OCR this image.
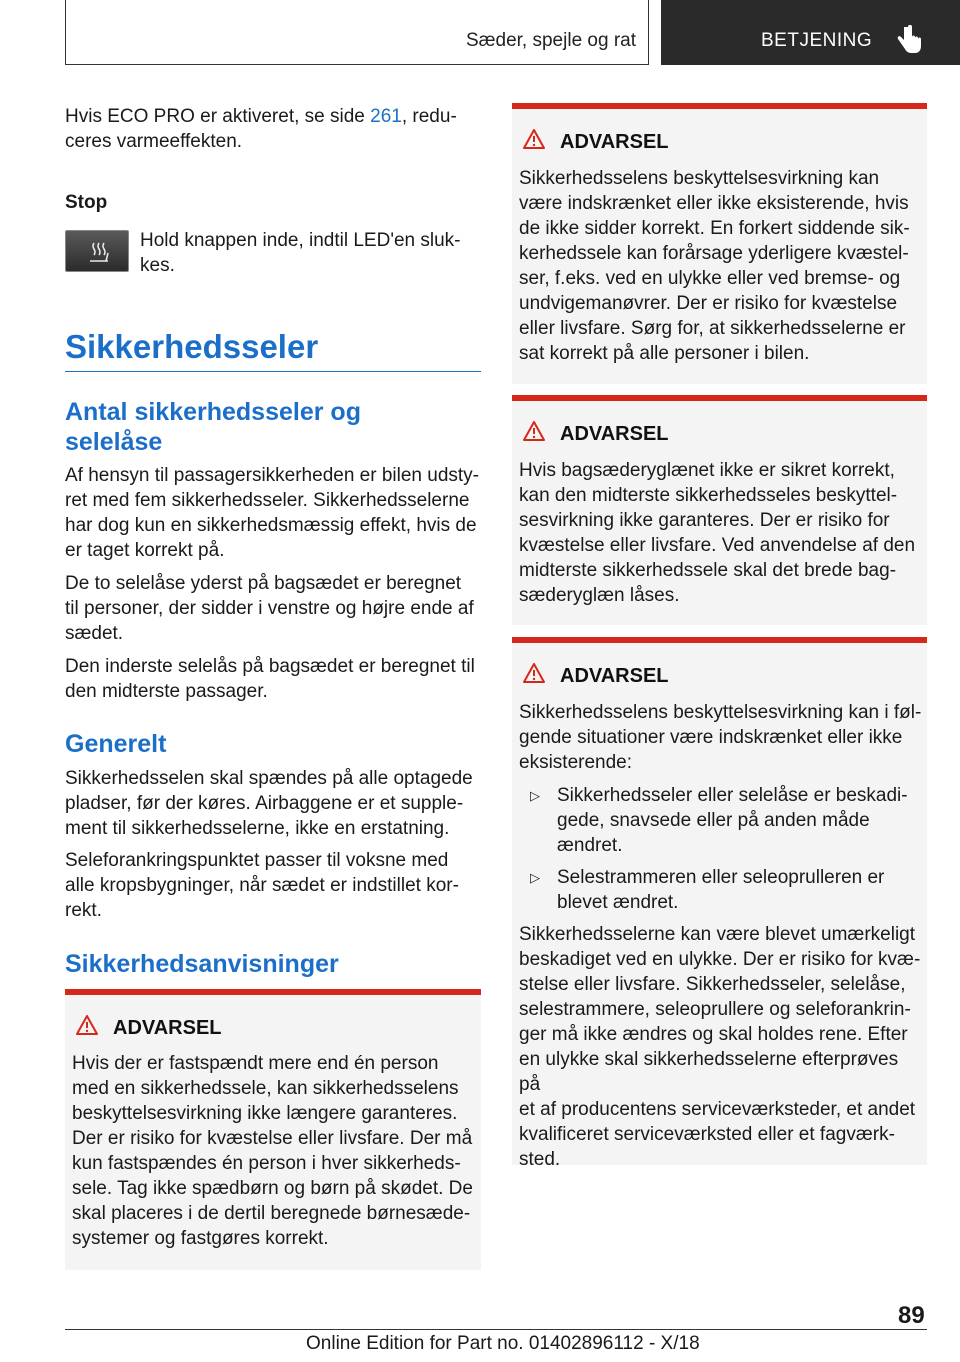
Sæder, spejle og rat	BETJENING
Hvis ECO PRO er aktiveret, se side 261, redu-
ceres varmeeffekten.
Stop
Hold knappen inde, indtil LED'en sluk-
kes.
Sikkerhedsseler
Antal sikkerhedsseler og
selelåse
Af hensyn til passagersikkerheden er bilen udsty-
ret med fem sikkerhedsseler. Sikkerhedsselerne
har dog kun en sikkerhedsmæssig effekt, hvis de
er taget korrekt på.
De to selelåse yderst på bagsædet er beregnet
til personer, der sidder i venstre og højre ende af
sædet.
Den inderste selelås på bagsædet er beregnet til
den midterste passager.
Generelt
Sikkerhedsselen skal spændes på alle optagede
pladser, før der køres. Airbaggene er et supple-
ment til sikkerhedsselerne, ikke en erstatning.
Seleforankringspunktet passer til voksne med
alle kropsbygninger, når sædet er indstillet kor-
rekt.
Sikkerhedsanvisninger
ADVARSEL
Hvis der er fastspændt mere end én person
med en sikkerhedssele, kan sikkerhedsselens
beskyttelsesvirkning ikke længere garanteres.
Der er risiko for kvæstelse eller livsfare. Der må
kun fastspændes én person i hver sikkerheds-
sele. Tag ikke spædbørn og børn på skødet. De
skal placeres i de dertil beregnede børnesæde-
systemer og fastgøres korrekt.
ADVARSEL
Sikkerhedsselens beskyttelsesvirkning kan
være indskrænket eller ikke eksisterende, hvis
de ikke sidder korrekt. En forkert siddende sik-
kerhedssele kan forårsage yderligere kvæstel-
ser, f.eks. ved en ulykke eller ved bremse- og
undvigemanøvrer. Der er risiko for kvæstelse
eller livsfare. Sørg for, at sikkerhedsselerne er
sat korrekt på alle personer i bilen.
ADVARSEL
Hvis bagsæderyglænet ikke er sikret korrekt,
kan den midterste sikkerhedsseles beskyttel-
sesvirkning ikke garanteres. Der er risiko for
kvæstelse eller livsfare. Ved anvendelse af den
midterste sikkerhedssele skal det brede bag-
sæderyglæn låses.
ADVARSEL
Sikkerhedsselens beskyttelsesvirkning kan i føl-
gende situationer være indskrænket eller ikke
eksisterende:
▷ Sikkerhedsseler eller selelåse er beskadi-
gede, snavsede eller på anden måde
ændret.
▷ Selestrammeren eller seleoprulleren er
blevet ændret.
Sikkerhedsselerne kan være blevet umærkeligt
beskadiget ved en ulykke. Der er risiko for kvæ-
stelse eller livsfare. Sikkerhedsseler, selelåse,
selestrammere, seleoprullere og seleforankrin-
ger må ikke ændres og skal holdes rene. Efter
en ulykke skal sikkerhedsselerne efterprøves på
et af producentens serviceværksteder, et andet
kvalificeret serviceværksted eller et fagværk-
sted.
89
Online Edition for Part no. 01402896112 - X/18
